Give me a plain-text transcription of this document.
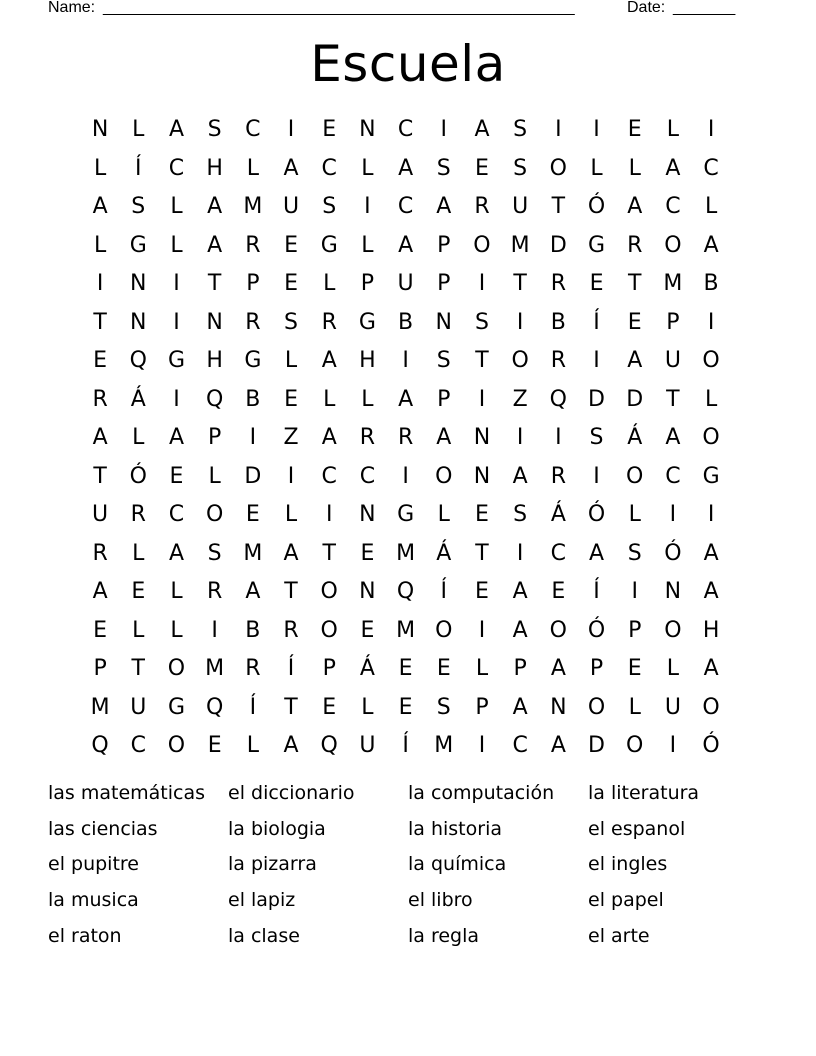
Name: _____________________________________________________	Date: _______
Escuela
N	L	A	S	C	I	E	N	C	I	A	S	I	I	E	L	I
L	Í	C	H	L	A	C	L	A	S	E	S	O	L	L	A	C
A	S	L	A M U	S	I	C	A	R	U	T	Ó	A	C	L
L	G	L	A	R	E	G	L	A	P	O M D G	R O	A
I	N	I	T	P	E	L	P	U	P	I	T	R	E	T M B
T	N	I	N	R	S	R	G	B	N	S	I	B	Í	E	P	I
E	Q G H G	L	A	H	I	S	T	O R	I	A	U O
R	Á	I	Q B	E	L	L	A	P	I	Z Q D D	T	L
A	L	A	P	I	Z	A	R	R	A	N	I	I	S	Á	A O
T	Ó	E	L	D	I	C	C	I	O N	A	R	I	O C G
U	R	C O	E	L	I	N G	L	E	S	Á Ó	L	I	I
R	L	A	S M A	T	E M Á	T	I	C	A	S	Ó	A
A	E	L	R	A	T	O N Q	Í	E	A	E	Í	I	N	A
E	L	L	I	B	R O	E M O	I	A O Ó	P	O H
P	T	O M R	Í	P	Á	E	E	L	P	A	P	E	L	A
M U G Q	Í	T	E	L	E	S	P	A	N O	L	U O
Q C O	E	L	A Q U	Í	M	I	C	A	D O	I	Ó
las matemáticas	el diccionario	la computación	la literatura
las ciencias	la biologia	la historia	el espanol
el pupitre	la pizarra	la química	el ingles
la musica	el lapiz	el libro	el papel
el raton	la clase	la regla	el arte
